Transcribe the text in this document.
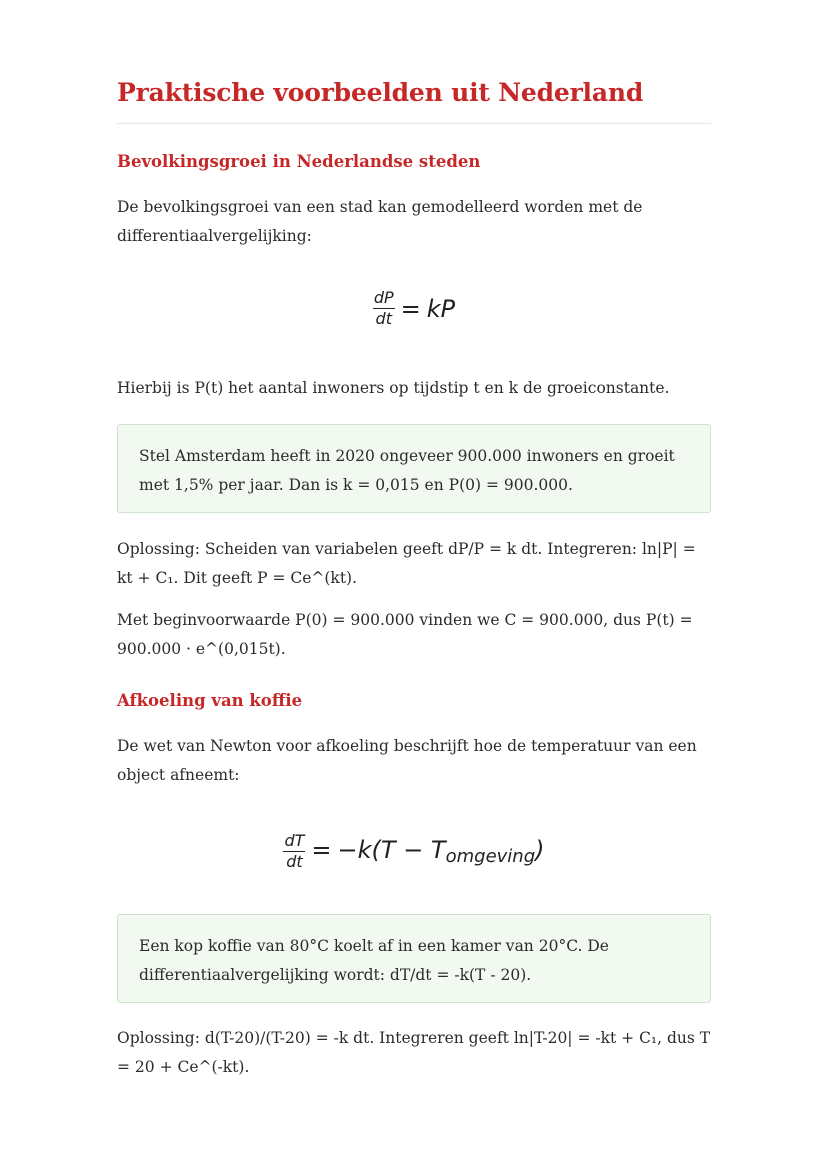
Praktische voorbeelden uit Nederland
Bevolkingsgroei in Nederlandse steden

De bevolkingsgroei van een stad kan gemodelleerd worden met de differentiaalvergelijking:

$\frac{dP}{dt}$ = kP

Hierbij is P(t) het aantal inwoners op tijdstip t en k de groeiconstante.

Stel Amsterdam heeft in 2020 ongeveer 900.000 inwoners en groeit met 1,5% per jaar. Dan is k = 0,015 en P(0) = 900.000.

Oplossing: Scheiden van variabelen geeft dP/P = k dt. Integreren: ln|P| = kt + C₁. Dit geeft P = Ce^(kt).

Met beginvoorwaarde P(0) = 900.000 vinden we C = 900.000, dus P(t) = 900.000 · e^(0,015t).

Afkoeling van koffie

De wet van Newton voor afkoeling beschrijft hoe de temperatuur van een object afneemt:

$\frac{dT}{dt} = -k(T - T_{omgeving})$

Een kop koffie van 80°C koelt af in een kamer van 20°C. De differentiaalvergelijking wordt: dT/dt = -k(T - 20).

Oplossing: d(T-20)/(T-20) = -k dt. Integreren geeft ln|T-20| = -kt + C₁, dus T = 20 + Ce^(-kt).
